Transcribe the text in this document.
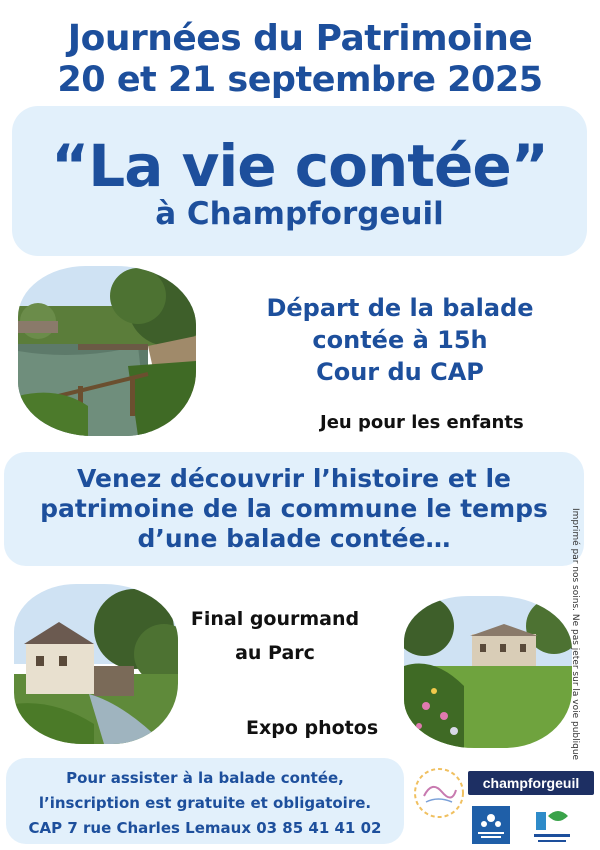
Journées du Patrimoine
20 et 21 septembre 2025
“La vie contée”
à Champforgeuil
Départ de la balade
contée à 15h
Cour du CAP
Jeu pour les enfants
Venez découvrir l’histoire et le
patrimoine de la commune le temps
d’une balade contée…
Final gourmand
au Parc
Expo photos	Imprimé par nos soins. Ne pas jeter sur la voie publique
Pour assister à la balade contée,
l’inscription est gratuite et obligatoire.
CAP 7 rue Charles Lemaux 03 85 41 41 02
champforgeuil
